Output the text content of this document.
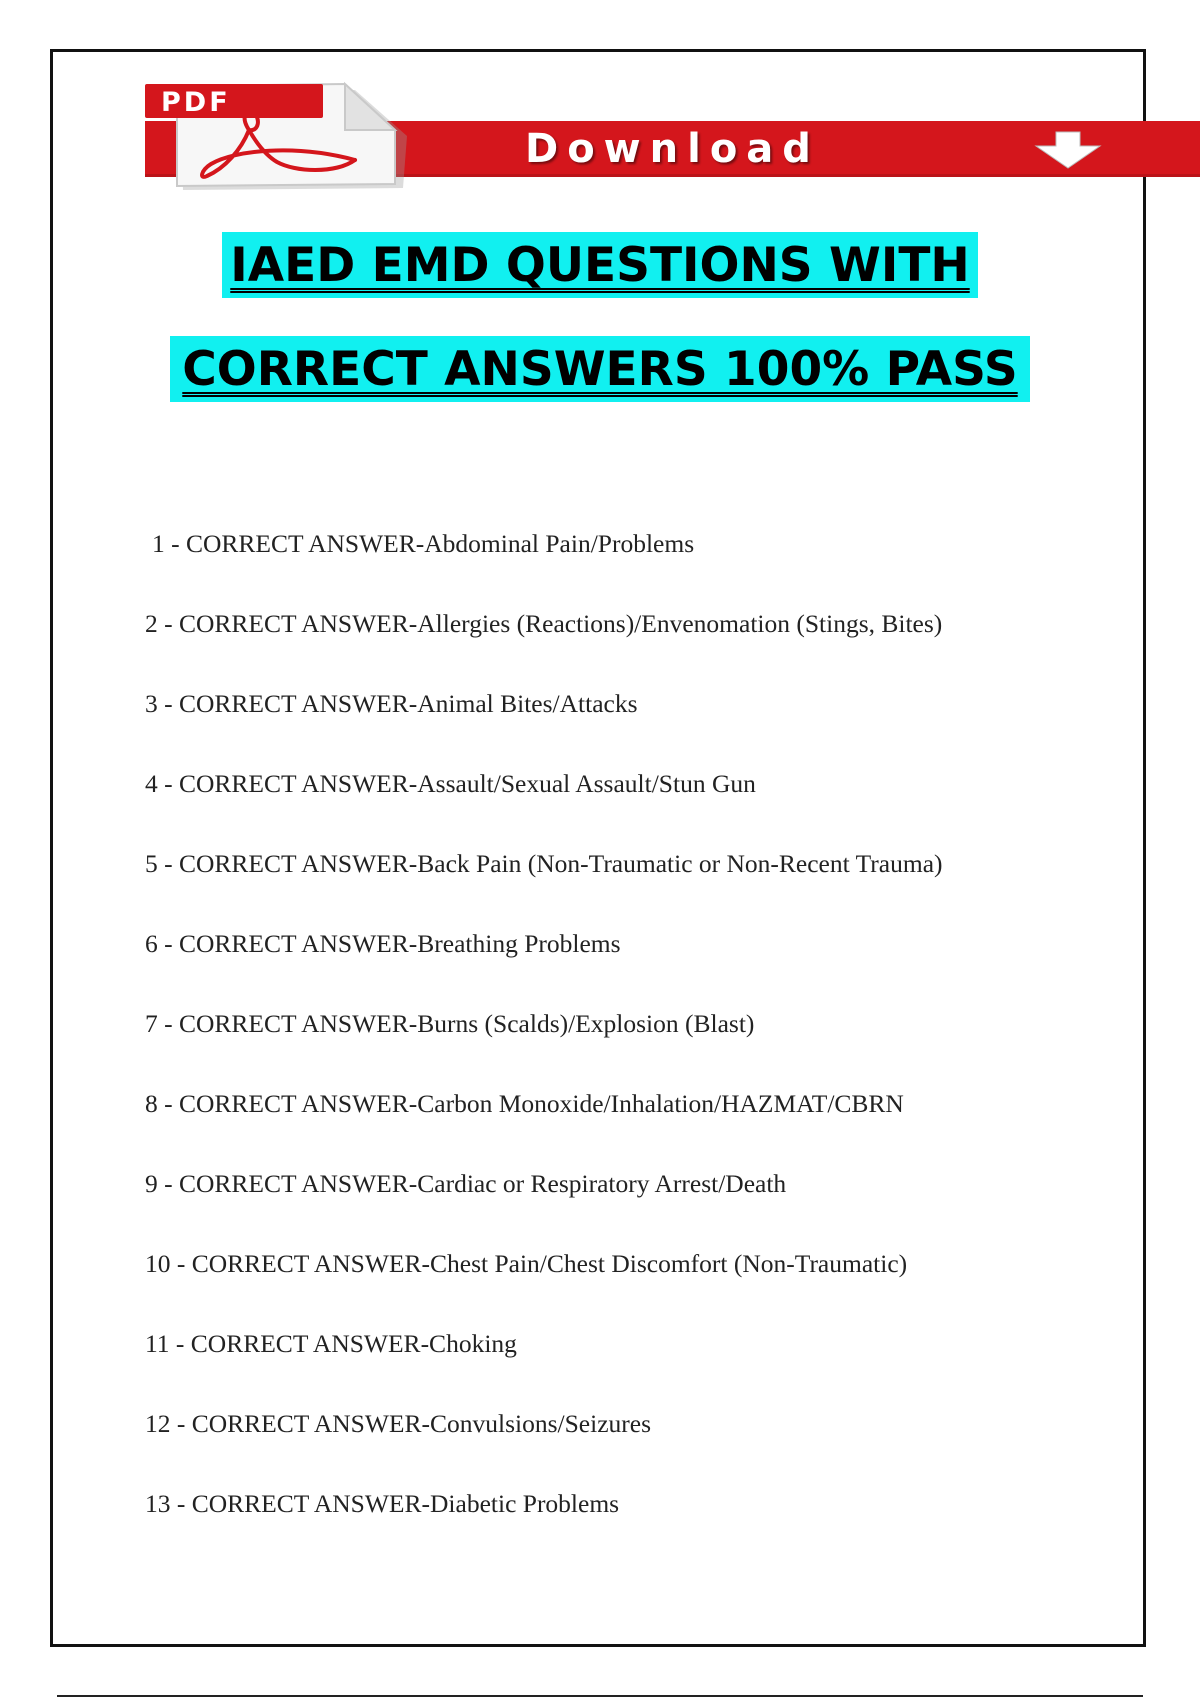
PDF
Download
IAED EMD QUESTIONS WITH
CORRECT ANSWERS 100% PASS
1 - CORRECT ANSWER-Abdominal Pain/Problems
2 - CORRECT ANSWER-Allergies (Reactions)/Envenomation (Stings, Bites)
3 - CORRECT ANSWER-Animal Bites/Attacks
4 - CORRECT ANSWER-Assault/Sexual Assault/Stun Gun
5 - CORRECT ANSWER-Back Pain (Non-Traumatic or Non-Recent Trauma)
6 - CORRECT ANSWER-Breathing Problems
7 - CORRECT ANSWER-Burns (Scalds)/Explosion (Blast)
8 - CORRECT ANSWER-Carbon Monoxide/Inhalation/HAZMAT/CBRN
9 - CORRECT ANSWER-Cardiac or Respiratory Arrest/Death
10 - CORRECT ANSWER-Chest Pain/Chest Discomfort (Non-Traumatic)
11 - CORRECT ANSWER-Choking
12 - CORRECT ANSWER-Convulsions/Seizures
13 - CORRECT ANSWER-Diabetic Problems
